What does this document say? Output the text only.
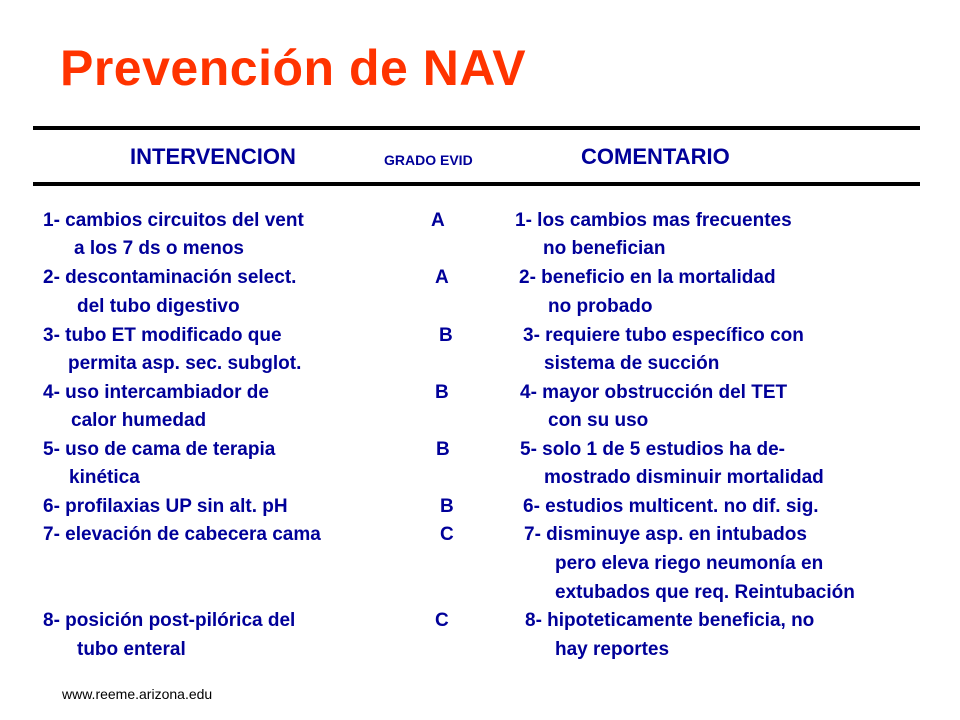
Prevención de NAV
INTERVENCION	GRADO EVID	COMENTARIO
1- cambios circuitos del vent	A	1- los cambios mas frecuentes
a los 7 ds o menos	no benefician
2- descontaminación select.	A	2- beneficio en la mortalidad
del tubo digestivo	no probado
3- tubo ET modificado que	B	3- requiere tubo específico con
permita asp. sec. subglot.	sistema de succión
4- uso intercambiador de	B	4- mayor obstrucción del TET
calor humedad	con su uso
5- uso de cama de terapia	B	5- solo 1 de 5 estudios ha de-
kinética	mostrado disminuir mortalidad
6- profilaxias UP sin alt. pH	B	6- estudios multicent. no dif. sig.
7- elevación de cabecera cama	C	7- disminuye asp. en intubados
pero eleva riego neumonía en
extubados que req. Reintubación
8- posición post-pilórica del	C	8- hipoteticamente beneficia, no
tubo enteral	hay reportes
www.reeme.arizona.edu
